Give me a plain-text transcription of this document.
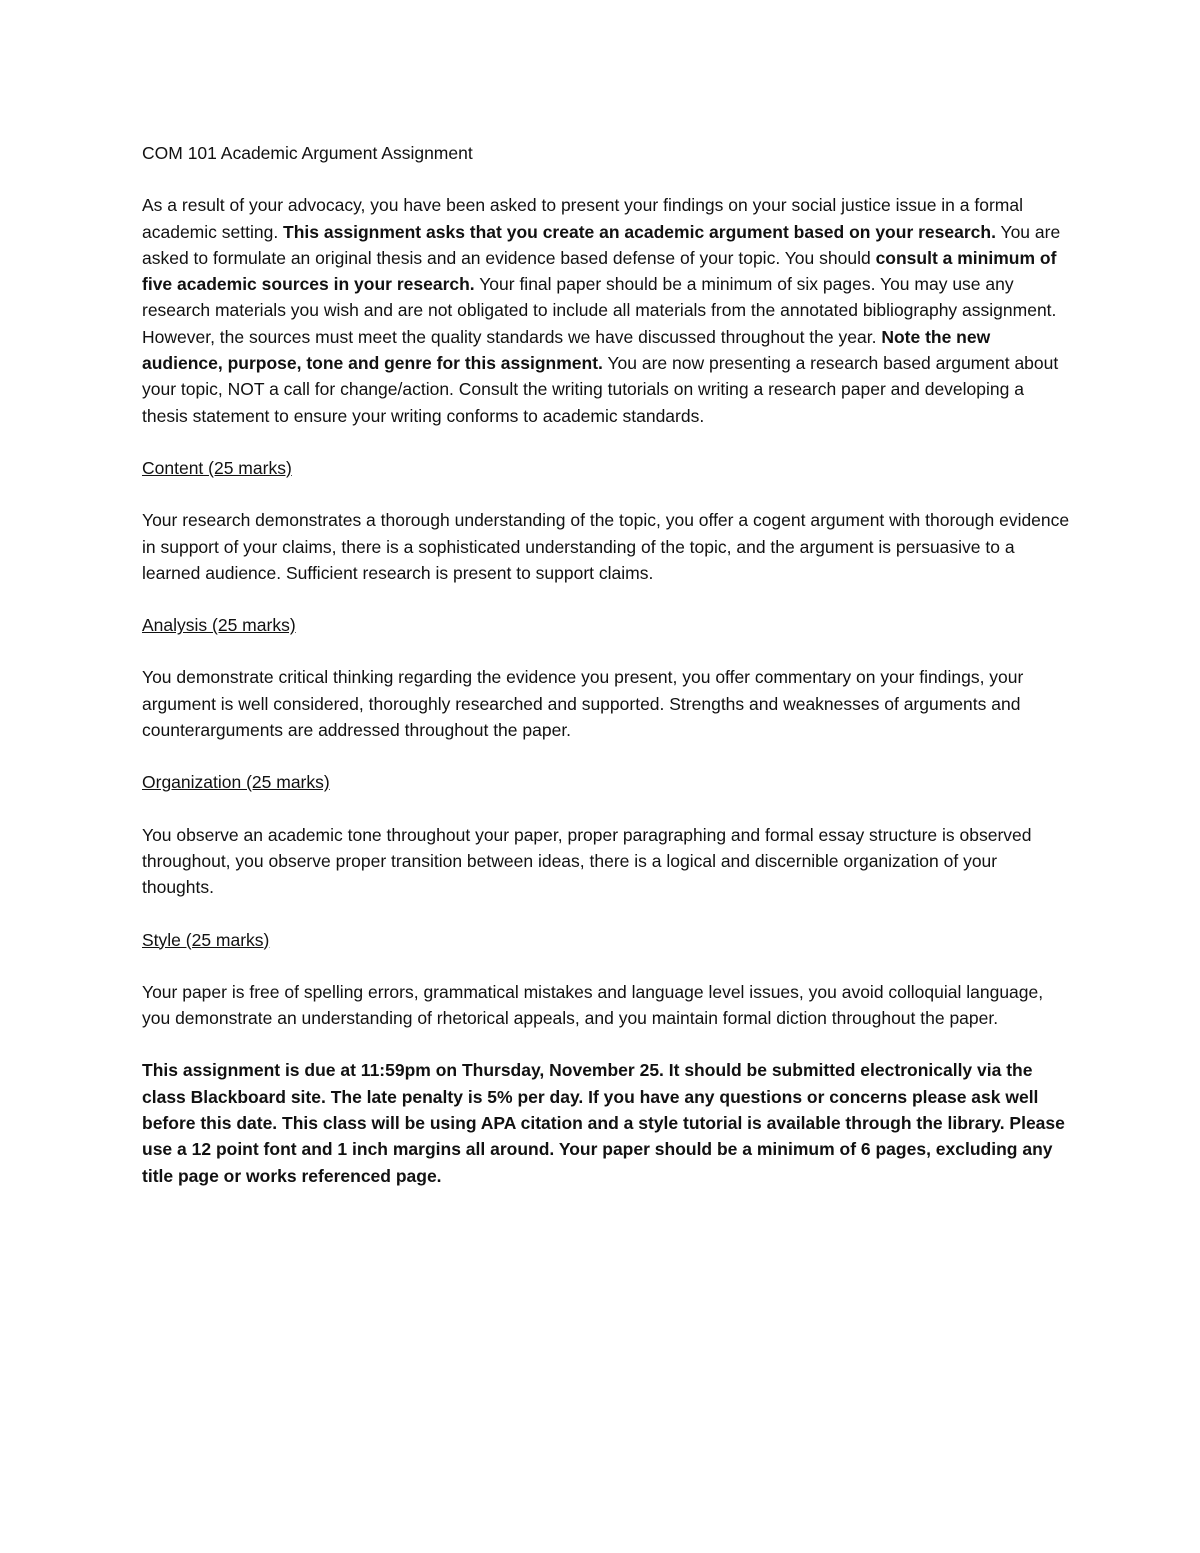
COM 101 Academic Argument Assignment

As a result of your advocacy, you have been asked to present your findings on your social justice issue in a formal academic setting. This assignment asks that you create an academic argument based on your research. You are asked to formulate an original thesis and an evidence based defense of your topic. You should consult a minimum of five academic sources in your research. Your final paper should be a minimum of six pages. You may use any research materials you wish and are not obligated to include all materials from the annotated bibliography assignment. However, the sources must meet the quality standards we have discussed throughout the year. Note the new audience, purpose, tone and genre for this assignment. You are now presenting a research based argument about your topic, NOT a call for change/action. Consult the writing tutorials on writing a research paper and developing a thesis statement to ensure your writing conforms to academic standards.

Content (25 marks)

Your research demonstrates a thorough understanding of the topic, you offer a cogent argument with thorough evidence in support of your claims, there is a sophisticated understanding of the topic, and the argument is persuasive to a learned audience. Sufficient research is present to support claims.

Analysis (25 marks)

You demonstrate critical thinking regarding the evidence you present, you offer commentary on your findings, your argument is well considered, thoroughly researched and supported. Strengths and weaknesses of arguments and counterarguments are addressed throughout the paper.

Organization (25 marks)

You observe an academic tone throughout your paper, proper paragraphing and formal essay structure is observed throughout, you observe proper transition between ideas, there is a logical and discernible organization of your thoughts.

Style (25 marks)

Your paper is free of spelling errors, grammatical mistakes and language level issues, you avoid colloquial language, you demonstrate an understanding of rhetorical appeals, and you maintain formal diction throughout the paper.

This assignment is due at 11:59pm on Thursday, November 25. It should be submitted electronically via the class Blackboard site. The late penalty is 5% per day. If you have any questions or concerns please ask well before this date. This class will be using APA citation and a style tutorial is available through the library. Please use a 12 point font and 1 inch margins all around. Your paper should be a minimum of 6 pages, excluding any title page or works referenced page.
